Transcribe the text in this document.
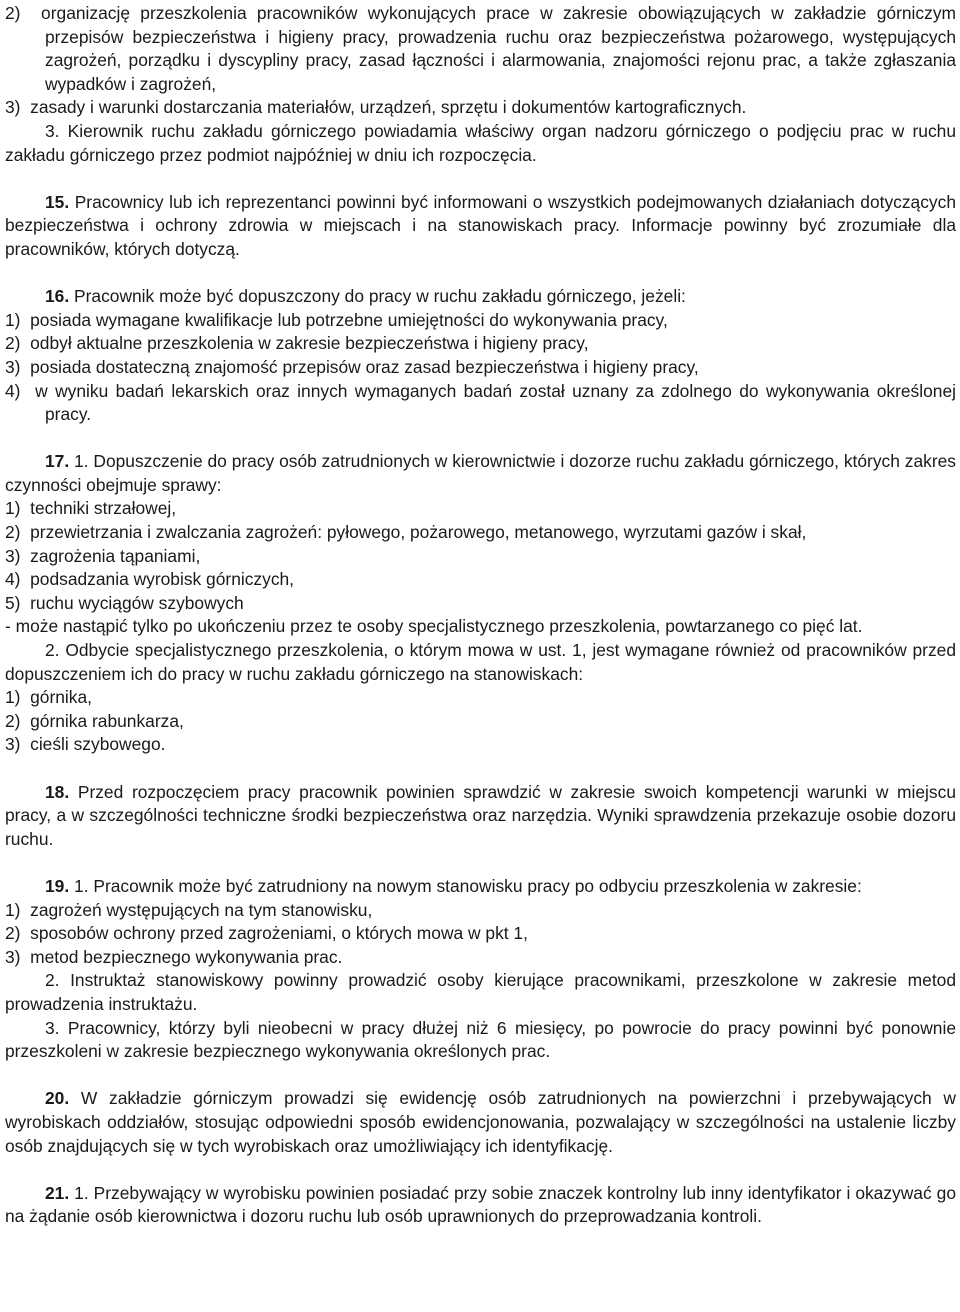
2)  organizację przeszkolenia pracowników wykonujących prace w zakresie obowiązujących w zakładzie górniczym przepisów bezpieczeństwa i higieny pracy, prowadzenia ruchu oraz bezpieczeństwa pożarowego, występujących zagrożeń, porządku i dyscypliny pracy, zasad łączności i alarmowania, znajomości rejonu prac, a także zgłaszania wypadków i zagrożeń,

3)  zasady i warunki dostarczania materiałów, urządzeń, sprzętu i dokumentów kartograficznych.

3. Kierownik ruchu zakładu górniczego powiadamia właściwy organ nadzoru górniczego o podjęciu prac w ruchu zakładu górniczego przez podmiot najpóźniej w dniu ich rozpoczęcia.

15. Pracownicy lub ich reprezentanci powinni być informowani o wszystkich podejmowanych działaniach dotyczących bezpieczeństwa i ochrony zdrowia w miejscach i na stanowiskach pracy. Informacje powinny być zrozumiałe dla pracowników, których dotyczą.

16. Pracownik może być dopuszczony do pracy w ruchu zakładu górniczego, jeżeli:

1)  posiada wymagane kwalifikacje lub potrzebne umiejętności do wykonywania pracy,

2)  odbył aktualne przeszkolenia w zakresie bezpieczeństwa i higieny pracy,

3)  posiada dostateczną znajomość przepisów oraz zasad bezpieczeństwa i higieny pracy,

4)  w wyniku badań lekarskich oraz innych wymaganych badań został uznany za zdolnego do wykonywania określonej pracy.

17. 1. Dopuszczenie do pracy osób zatrudnionych w kierownictwie i dozorze ruchu zakładu górniczego, których zakres czynności obejmuje sprawy:

1)  techniki strzałowej,

2)  przewietrzania i zwalczania zagrożeń: pyłowego, pożarowego, metanowego, wyrzutami gazów i skał,

3)  zagrożenia tąpaniami,

4)  podsadzania wyrobisk górniczych,

5)  ruchu wyciągów szybowych

- może nastąpić tylko po ukończeniu przez te osoby specjalistycznego przeszkolenia, powtarzanego co pięć lat.

2. Odbycie specjalistycznego przeszkolenia, o którym mowa w ust. 1, jest wymagane również od pracowników przed dopuszczeniem ich do pracy w ruchu zakładu górniczego na stanowiskach:

1)  górnika,

2)  górnika rabunkarza,

3)  cieśli szybowego.

18. Przed rozpoczęciem pracy pracownik powinien sprawdzić w zakresie swoich kompetencji warunki w miejscu pracy, a w szczególności techniczne środki bezpieczeństwa oraz narzędzia. Wyniki sprawdzenia przekazuje osobie dozoru ruchu.

19. 1. Pracownik może być zatrudniony na nowym stanowisku pracy po odbyciu przeszkolenia w zakresie:

1)  zagrożeń występujących na tym stanowisku,

2)  sposobów ochrony przed zagrożeniami, o których mowa w pkt 1,

3)  metod bezpiecznego wykonywania prac.

2. Instruktaż stanowiskowy powinny prowadzić osoby kierujące pracownikami, przeszkolone w zakresie metod prowadzenia instruktażu.

3. Pracownicy, którzy byli nieobecni w pracy dłużej niż 6 miesięcy, po powrocie do pracy powinni być ponownie przeszkoleni w zakresie bezpiecznego wykonywania określonych prac.

20. W zakładzie górniczym prowadzi się ewidencję osób zatrudnionych na powierzchni i przebywających w wyrobiskach oddziałów, stosując odpowiedni sposób ewidencjonowania, pozwalający w szczególności na ustalenie liczby osób znajdujących się w tych wyrobiskach oraz umożliwiający ich identyfikację.

21. 1. Przebywający w wyrobisku powinien posiadać przy sobie znaczek kontrolny lub inny identyfikator i okazywać go na żądanie osób kierownictwa i dozoru ruchu lub osób uprawnionych do przeprowadzania kontroli.
